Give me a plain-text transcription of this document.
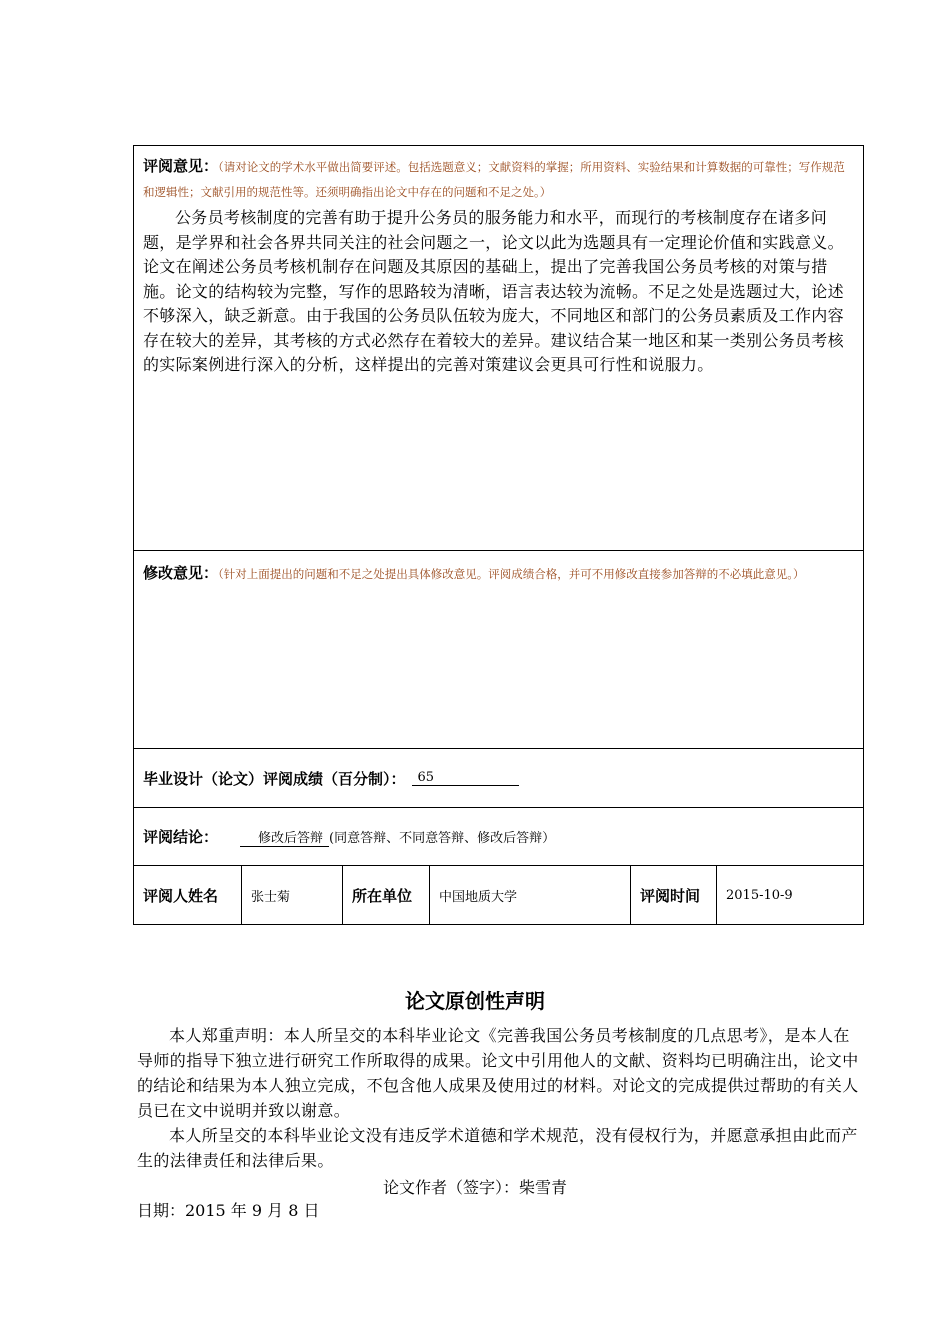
评阅意见：（请对论文的学术水平做出简要评述。包括选题意义；文献资料的掌握；所用资料、实验结果和计算数据的可靠性；写作规范和逻辑性；文献引用的规范性等。还须明确指出论文中存在的问题和不足之处。）
公务员考核制度的完善有助于提升公务员的服务能力和水平，而现行的考核制度存在诸多问题，是学界和社会各界共同关注的社会问题之一，论文以此为选题具有一定理论价值和实践意义。论文在阐述公务员考核机制存在问题及其原因的基础上，提出了完善我国公务员考核的对策与措施。论文的结构较为完整，写作的思路较为清晰，语言表达较为流畅。不足之处是选题过大，论述不够深入，缺乏新意。由于我国的公务员队伍较为庞大，不同地区和部门的公务员素质及工作内容存在较大的差异，其考核的方式必然存在着较大的差异。建议结合某一地区和某一类别公务员考核的实际案例进行深入的分析，这样提出的完善对策建议会更具可行性和说服力。
修改意见：（针对上面提出的问题和不足之处提出具体修改意见。评阅成绩合格，并可不用修改直接参加答辩的不必填此意见。）
毕业设计（论文）评阅成绩（百分制）： 65
评阅结论：	修改后答辩 (同意答辩、不同意答辩、修改后答辩）
评阅人姓名	张士菊	所在单位	中国地质大学	评阅时间	2015-10-9
论文原创性声明

本人郑重声明：本人所呈交的本科毕业论文《完善我国公务员考核制度的几点思考》，是本人在导师的指导下独立进行研究工作所取得的成果。论文中引用他人的文献、资料均已明确注出，论文中的结论和结果为本人独立完成，不包含他人成果及使用过的材料。对论文的完成提供过帮助的有关人员已在文中说明并致以谢意。

本人所呈交的本科毕业论文没有违反学术道德和学术规范，没有侵权行为，并愿意承担由此而产生的法律责任和法律后果。

论文作者（签字）：柴雪青
日期：2015 年 9 月 8 日
